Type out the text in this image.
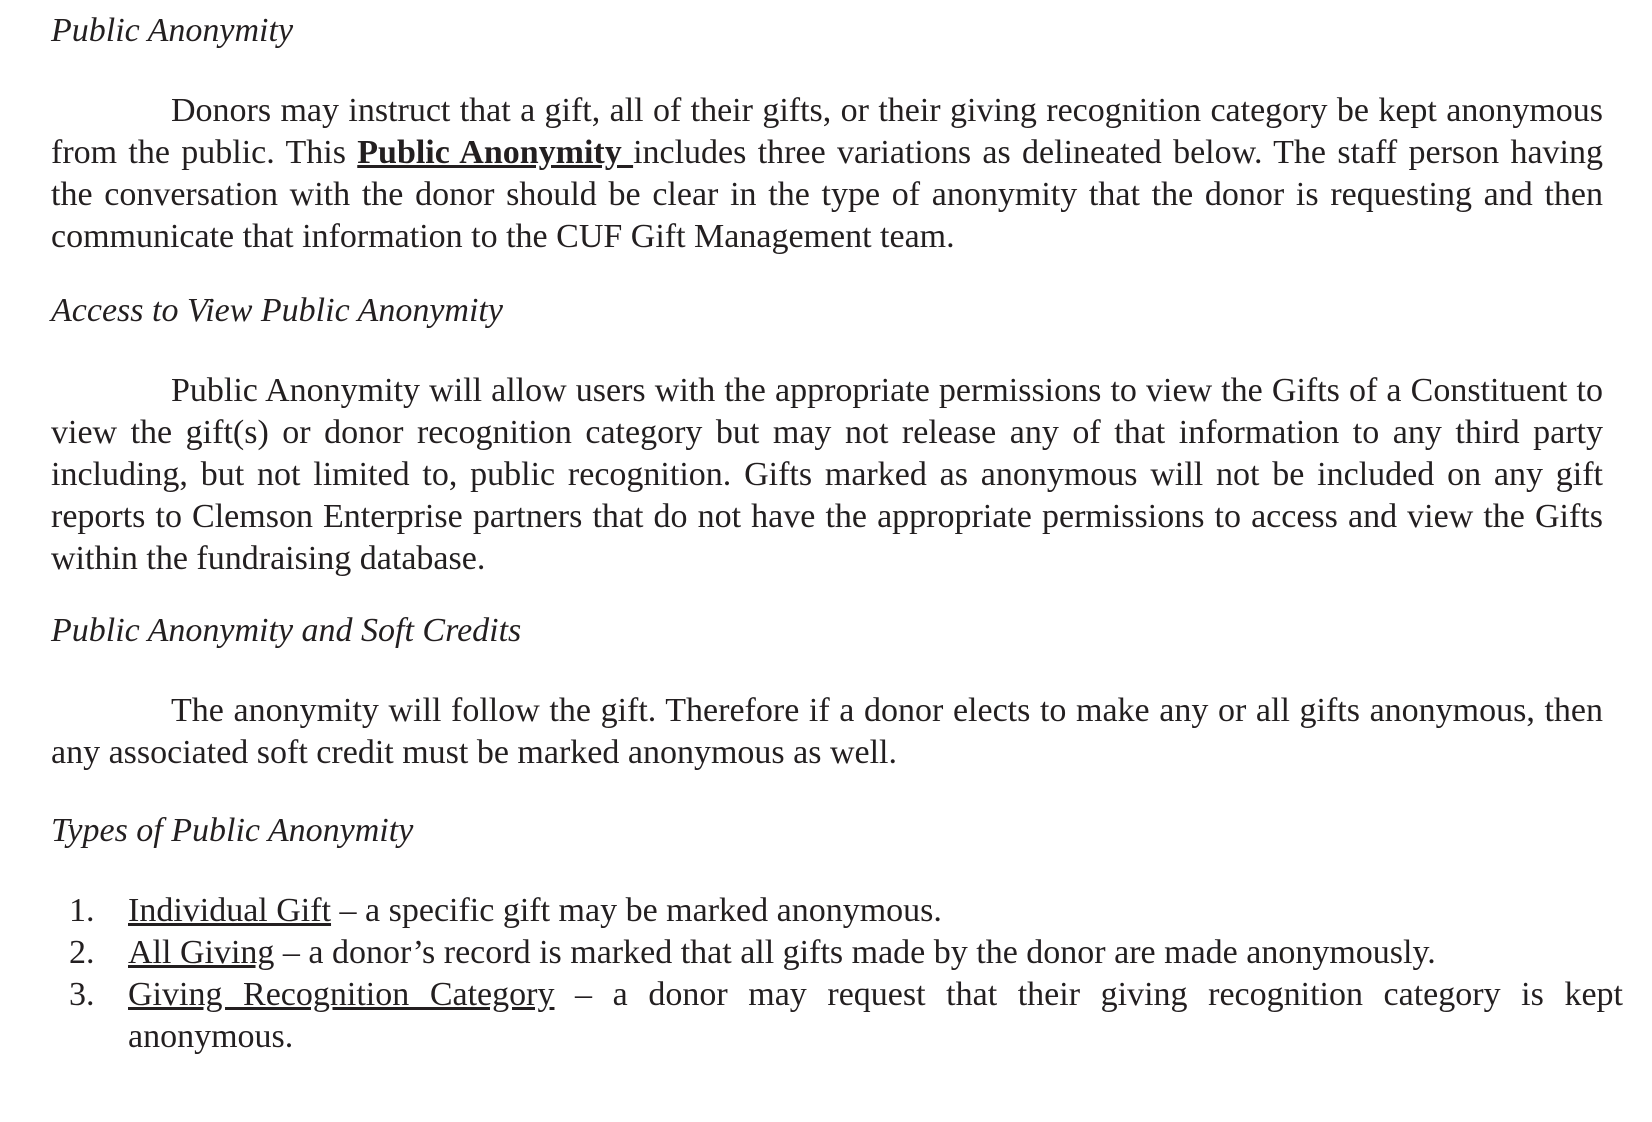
Public Anonymity
Donors may instruct that a gift, all of their gifts, or their giving recognition category be kept anonymous from the public. This Public Anonymity includes three variations as delineated below. The staff person having the conversation with the donor should be clear in the type of anonymity that the donor is requesting and then communicate that information to the CUF Gift Management team.
Access to View Public Anonymity
Public Anonymity will allow users with the appropriate permissions to view the Gifts of a Constituent to view the gift(s) or donor recognition category but may not release any of that information to any third party including, but not limited to, public recognition. Gifts marked as anonymous will not be included on any gift reports to Clemson Enterprise partners that do not have the appropriate permissions to access and view the Gifts within the fundraising database.
Public Anonymity and Soft Credits
The anonymity will follow the gift. Therefore if a donor elects to make any or all gifts anonymous, then any associated soft credit must be marked anonymous as well.
Types of Public Anonymity
1. Individual Gift – a specific gift may be marked anonymous.
2. All Giving – a donor’s record is marked that all gifts made by the donor are made anonymously.
3. Giving Recognition Category – a donor may request that their giving recognition category is kept anonymous.
